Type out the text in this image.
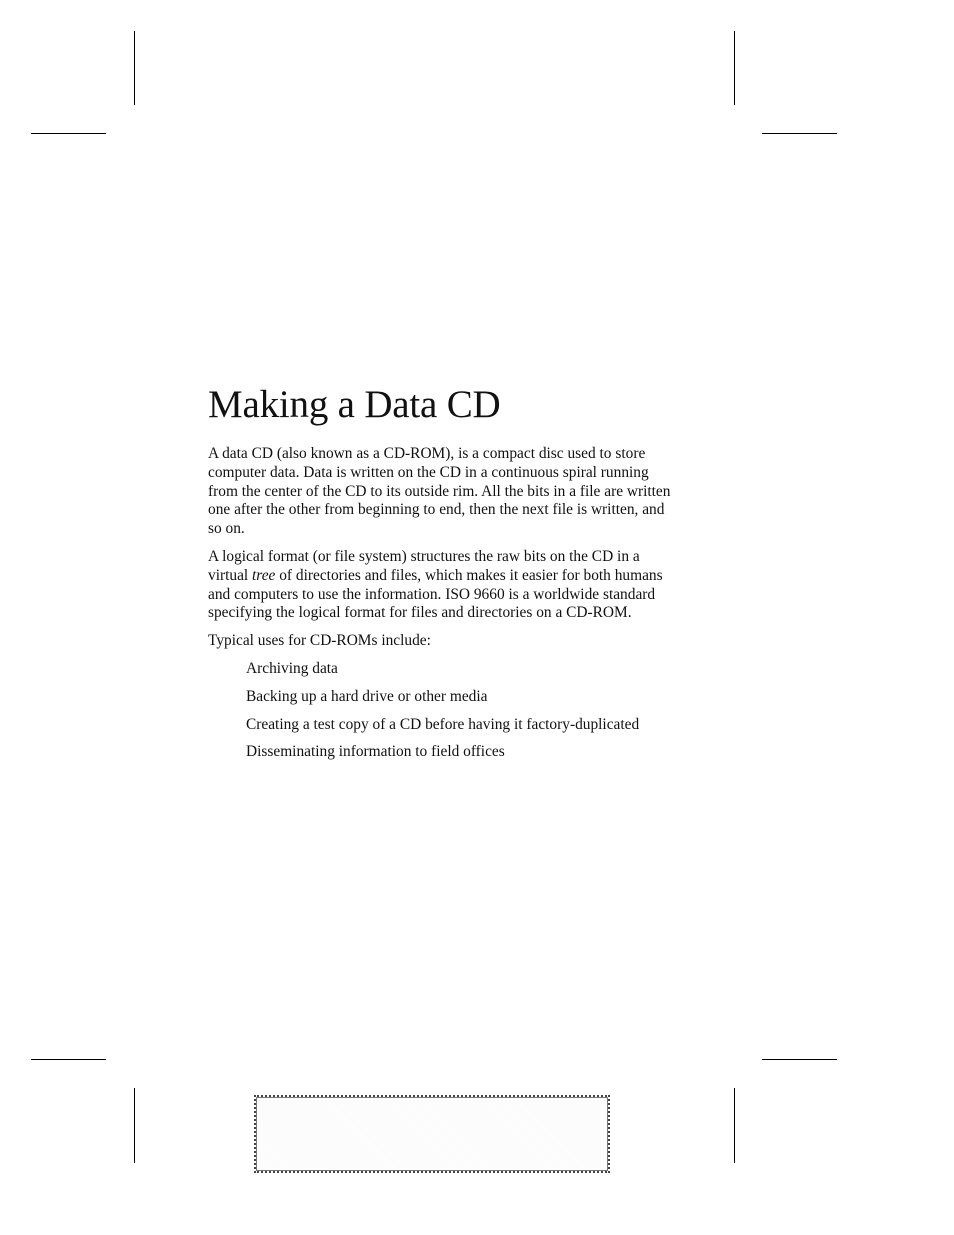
Making a Data CD

A data CD (also known as a CD-ROM), is a compact disc used to store computer data. Data is written on the CD in a continuous spiral running from the center of the CD to its outside rim. All the bits in a file are written one after the other from beginning to end, then the next file is written, and so on.

A logical format (or file system) structures the raw bits on the CD in a virtual tree of directories and files, which makes it easier for both humans and computers to use the information. ISO 9660 is a worldwide standard specifying the logical format for files and directories on a CD-ROM.

Typical uses for CD-ROMs include:

Archiving data
Backing up a hard drive or other media
Creating a test copy of a CD before having it factory-duplicated
Disseminating information to field offices
